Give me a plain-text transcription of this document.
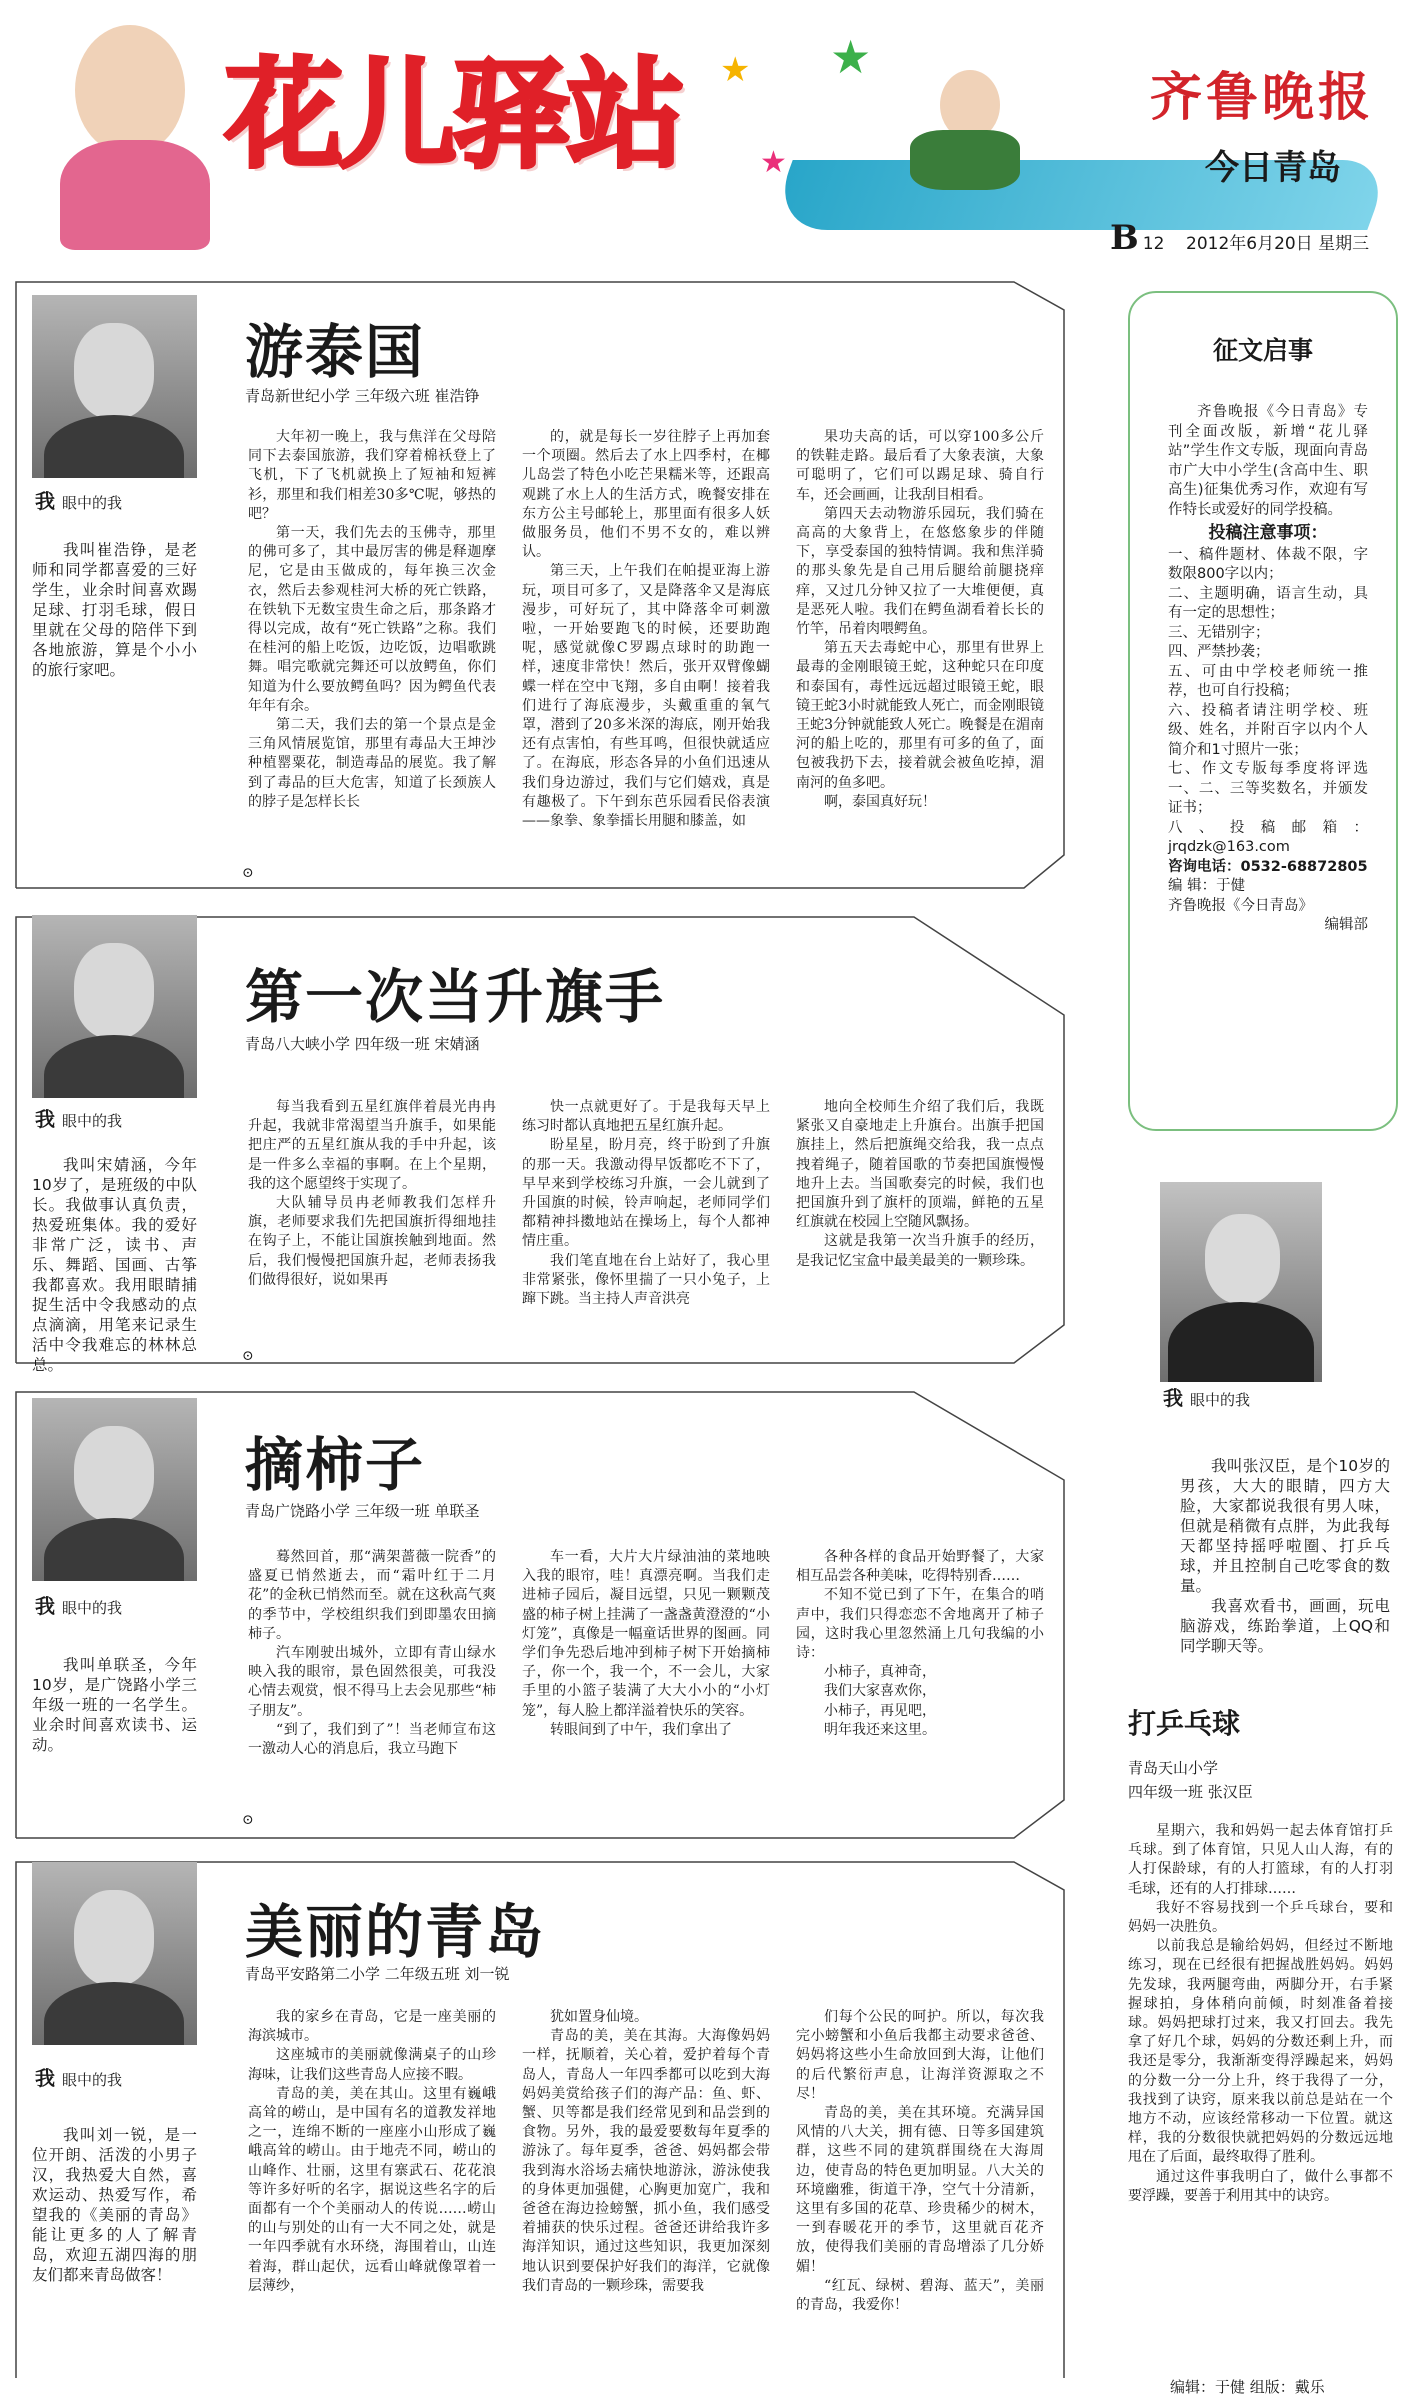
花儿驿站	★
★
★
齐鲁晚报
今日青岛
B 12 2012年6月20日 星期三
我 眼中的我
我叫崔浩铮，是老师和同学都喜爱的三好学生，业余时间喜欢踢足球、打羽毛球，假日里就在父母的陪伴下到各地旅游，算是个小小的旅行家吧。
游泰国
青岛新世纪小学 三年级六班 崔浩铮

大年初一晚上，我与焦洋在父母陪同下去泰国旅游，我们穿着棉袄登上了飞机，下了飞机就换上了短袖和短裤衫，那里和我们相差30多℃呢，够热的吧？

第一天，我们先去的玉佛寺，那里的佛可多了，其中最厉害的佛是释迦摩尼，它是由玉做成的，每年换三次金衣，然后去参观桂河大桥的死亡铁路，在铁轨下无数宝贵生命之后，那条路才得以完成，故有“死亡铁路”之称。我们在桂河的船上吃饭，边吃饭，边唱歌跳舞。唱完歌就完舞还可以放鳄鱼，你们知道为什么要放鳄鱼吗？因为鳄鱼代表年年有余。

第二天，我们去的第一个景点是金三角风情展览馆，那里有毒品大王坤沙种植罂粟花，制造毒品的展览。我了解到了毒品的巨大危害，知道了长颈族人的脖子是怎样长长

的，就是每长一岁往脖子上再加套一个项圈。然后去了水上四季村，在椰儿岛尝了特色小吃芒果糯米等，还跟高观跳了水上人的生活方式，晚餐安排在东方公主号邮轮上，那里面有很多人妖做服务员，他们不男不女的，难以辨认。

第三天，上午我们在帕提亚海上游玩，项目可多了，又是降落伞又是海底漫步，可好玩了，其中降落伞可刺激啦，一开始要跑飞的时候，还要助跑呢，感觉就像C罗踢点球时的助跑一样，速度非常快！然后，张开双臂像蝴蝶一样在空中飞翔，多自由啊！接着我们进行了海底漫步，头戴重重的氧气罩，潜到了20多米深的海底，刚开始我还有点害怕，有些耳鸣，但很快就适应了。在海底，形态各异的小鱼们迅速从我们身边游过，我们与它们嬉戏，真是有趣极了。下午到东芭乐园看民俗表演——象拳、象拳擂长用腿和膝盖，如

果功夫高的话，可以穿100多公斤的铁鞋走路。最后看了大象表演，大象可聪明了，它们可以踢足球、骑自行车，还会画画，让我刮目相看。

第四天去动物游乐园玩，我们骑在高高的大象背上，在悠悠象步的伴随下，享受泰国的独特情调。我和焦洋骑的那头象先是自己用后腿给前腿挠痒痒，又过几分钟又拉了一大堆便便，真是恶死人啦。我们在鳄鱼湖看着长长的竹竿，吊着肉喂鳄鱼。

第五天去毒蛇中心，那里有世界上最毒的金刚眼镜王蛇，这种蛇只在印度和泰国有，毒性远远超过眼镜王蛇，眼镜王蛇3小时就能致人死亡，而金刚眼镜王蛇3分钟就能致人死亡。晚餐是在湄南河的船上吃的，那里有可多的鱼了，面包被我扔下去，接着就会被鱼吃掉，湄南河的鱼多吧。

啊，泰国真好玩！

⊙
我 眼中的我
我叫宋婧涵，今年10岁了，是班级的中队长。我做事认真负责，热爱班集体。我的爱好非常广泛，读书、声乐、舞蹈、国画、古筝我都喜欢。我用眼睛捕捉生活中令我感动的点点滴滴，用笔来记录生活中令我难忘的林林总总。
第一次当升旗手
青岛八大峡小学 四年级一班 宋婧涵

每当我看到五星红旗伴着晨光冉冉升起，我就非常渴望当升旗手，如果能把庄严的五星红旗从我的手中升起，该是一件多么幸福的事啊。在上个星期，我的这个愿望终于实现了。

大队辅导员冉老师教我们怎样升旗，老师要求我们先把国旗折得细地挂在钩子上，不能让国旗挨触到地面。然后，我们慢慢把国旗升起，老师表扬我们做得很好，说如果再

快一点就更好了。于是我每天早上练习时都认真地把五星红旗升起。

盼星星，盼月亮，终于盼到了升旗的那一天。我激动得早饭都吃不下了，早早来到学校练习升旗，一会儿就到了升国旗的时候，铃声响起，老师同学们都精神抖擞地站在操场上，每个人都神情庄重。

我们笔直地在台上站好了，我心里非常紧张，像怀里揣了一只小兔子，上蹿下跳。当主持人声音洪亮

地向全校师生介绍了我们后，我既紧张又自豪地走上升旗台。出旗手把国旗挂上，然后把旗绳交给我，我一点点拽着绳子，随着国歌的节奏把国旗慢慢地升上去。当国歌奏完的时候，我们也把国旗升到了旗杆的顶端，鲜艳的五星红旗就在校园上空随风飘扬。

这就是我第一次当升旗手的经历，是我记忆宝盒中最美最美的一颗珍珠。

⊙
我 眼中的我
我叫单联圣，今年10岁，是广饶路小学三年级一班的一名学生。业余时间喜欢读书、运动。
摘柿子
青岛广饶路小学 三年级一班 单联圣

蓦然回首，那“满架蔷薇一院香”的盛夏已悄然逝去，而“霜叶红于二月花”的金秋已悄然而至。就在这秋高气爽的季节中，学校组织我们到即墨农田摘柿子。

汽车刚驶出城外，立即有青山绿水映入我的眼帘，景色固然很美，可我没心情去观赏，恨不得马上去会见那些“柿子朋友”。

“到了，我们到了”！当老师宣布这一激动人心的消息后，我立马跑下

车一看，大片大片绿油油的菜地映入我的眼帘，哇！真漂亮啊。当我们走进柿子园后，凝目远望，只见一颗颗茂盛的柿子树上挂满了一盏盏黄澄澄的“小灯笼”，真像是一幅童话世界的图画。同学们争先恐后地冲到柿子树下开始摘柿子，你一个，我一个，不一会儿，大家手里的小篮子装满了大大小小的“小灯笼”，每人脸上都洋溢着快乐的笑容。

转眼间到了中午，我们拿出了

各种各样的食品开始野餐了，大家相互品尝各种美味，吃得特别香……

不知不觉已到了下午，在集合的哨声中，我们只得恋恋不舍地离开了柿子园，这时我心里忽然涌上几句我编的小诗：

小柿子，真神奇，

我们大家喜欢你，

小柿子，再见吧，

明年我还来这里。

⊙
我 眼中的我
我叫刘一锐，是一位开朗、活泼的小男子汉，我热爱大自然，喜欢运动、热爱写作，希望我的《美丽的青岛》能让更多的人了解青岛，欢迎五湖四海的朋友们都来青岛做客！
美丽的青岛
青岛平安路第二小学 二年级五班 刘一锐

我的家乡在青岛，它是一座美丽的海滨城市。

这座城市的美丽就像满桌子的山珍海味，让我们这些青岛人应接不暇。

青岛的美，美在其山。这里有巍峨高耸的崂山，是中国有名的道教发祥地之一，连绵不断的一座座小山形成了巍峨高耸的崂山。由于地壳不同，崂山的山峰作、壮丽，这里有寨武石、花花浪等许多好听的名字，据说这些名字的后面都有一个个美丽动人的传说……崂山的山与别处的山有一大不同之处，就是一年四季就有水环绕，海围着山，山连着海，群山起伏，远看山峰就像罩着一层薄纱，

犹如置身仙境。

青岛的美，美在其海。大海像妈妈一样，抚顺着，关心着，爱护着每个青岛人，青岛人一年四季都可以吃到大海妈妈美赏给孩子们的海产品：鱼、虾、蟹、贝等都是我们经常见到和品尝到的食物。另外，我的最爱要数每年夏季的游泳了。每年夏季，爸爸、妈妈都会带我到海水浴场去痛快地游泳，游泳使我的身体更加强健，心胸更加宽广，我和爸爸在海边捡螃蟹，抓小鱼，我们感受着捕获的快乐过程。爸爸还讲给我许多海洋知识，通过这些知识，我更加深刻地认识到要保护好我们的海洋，它就像我们青岛的一颗珍珠，需要我

们每个公民的呵护。所以，每次我完小螃蟹和小鱼后我都主动要求爸爸、妈妈将这些小生命放回到大海，让他们的后代繁衍声息，让海洋资源取之不尽！

青岛的美，美在其环境。充满异国风情的八大关，拥有德、日等多国建筑群，这些不同的建筑群围绕在大海周边，使青岛的特色更加明显。八大关的环境幽雅，街道干净，空气十分清新，这里有多国的花草、珍贵稀少的树木，一到春暖花开的季节，这里就百花齐放，使得我们美丽的青岛增添了几分娇媚！

“红瓦、绿树、碧海、蓝天”，美丽的青岛，我爱你！

征文启事

齐鲁晚报《今日青岛》专刊全面改版，新增“花儿驿站”学生作文专版，现面向青岛市广大中小学生(含高中生、职高生)征集优秀习作，欢迎有写作特长或爱好的同学投稿。

投稿注意事项：

一、稿件题材、体裁不限，字数限800字以内；

二、主题明确，语言生动，具有一定的思想性；

三、无错别字；

四、严禁抄袭；

五、可由中学校老师统一推荐，也可自行投稿；

六、投稿者请注明学校、班级、姓名，并附百字以内个人简介和1寸照片一张；

七、作文专版每季度将评选一、二、三等奖数名，并颁发证书；

八、投稿邮箱：jrqdzk@163.com

咨询电话：0532-68872805

编 辑：于健

齐鲁晚报《今日青岛》

编辑部

我 眼中的我

我叫张汉臣，是个10岁的男孩，大大的眼睛，四方大脸，大家都说我很有男人味，但就是稍微有点胖，为此我每天都坚持摇呼啦圈、打乒乓球，并且控制自己吃零食的数量。

我喜欢看书，画画，玩电脑游戏，练跆拳道，上QQ和同学聊天等。

打乒乓球
青岛天山小学
四年级一班 张汉臣

星期六，我和妈妈一起去体育馆打乒乓球。到了体育馆，只见人山人海，有的人打保龄球，有的人打篮球，有的人打羽毛球，还有的人打排球……

我好不容易找到一个乒乓球台，要和妈妈一决胜负。

以前我总是输给妈妈，但经过不断地练习，现在已经很有把握战胜妈妈。妈妈先发球，我两腿弯曲，两脚分开，右手紧握球拍，身体稍向前倾，时刻准备着接球。妈妈把球打过来，我又打回去。我先拿了好几个球，妈妈的分数还剩上升，而我还是零分，我渐渐变得浮躁起来，妈妈的分数一分一分上升，终于我得了一分，我找到了诀窍，原来我以前总是站在一个地方不动，应该经常移动一下位置。就这样，我的分数很快就把妈妈的分数远远地甩在了后面，最终取得了胜利。

通过这件事我明白了，做什么事都不要浮躁，要善于利用其中的诀窍。

编辑：于健 组版：戴乐
